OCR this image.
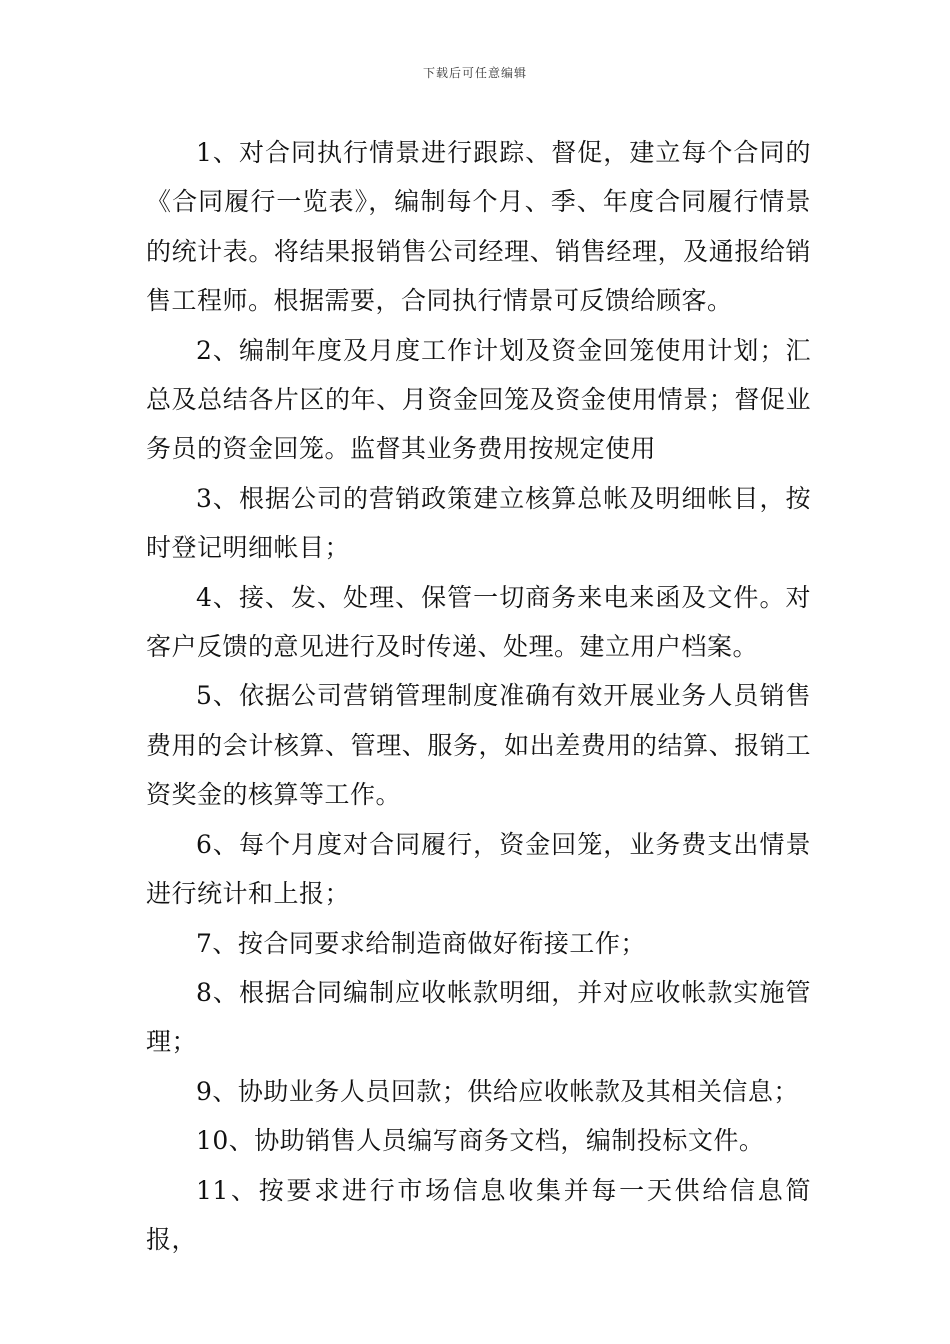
下载后可任意编辑

1、对合同执行情景进行跟踪、督促，建立每个合同的《合同履行一览表》，编制每个月、季、年度合同履行情景的统计表。将结果报销售公司经理、销售经理，及通报给销售工程师。根据需要，合同执行情景可反馈给顾客。

2、编制年度及月度工作计划及资金回笼使用计划；汇总及总结各片区的年、月资金回笼及资金使用情景；督促业务员的资金回笼。监督其业务费用按规定使用

3、根据公司的营销政策建立核算总帐及明细帐目，按时登记明细帐目；

4、接、发、处理、保管一切商务来电来函及文件。对客户反馈的意见进行及时传递、处理。建立用户档案。

5、依据公司营销管理制度准确有效开展业务人员销售费用的会计核算、管理、服务，如出差费用的结算、报销工资奖金的核算等工作。

6、每个月度对合同履行，资金回笼，业务费支出情景进行统计和上报；

7、按合同要求给制造商做好衔接工作；

8、根据合同编制应收帐款明细，并对应收帐款实施管理；

9、协助业务人员回款；供给应收帐款及其相关信息；

10、协助销售人员编写商务文档，编制投标文件。

11、按要求进行市场信息收集并每一天供给信息简报，
